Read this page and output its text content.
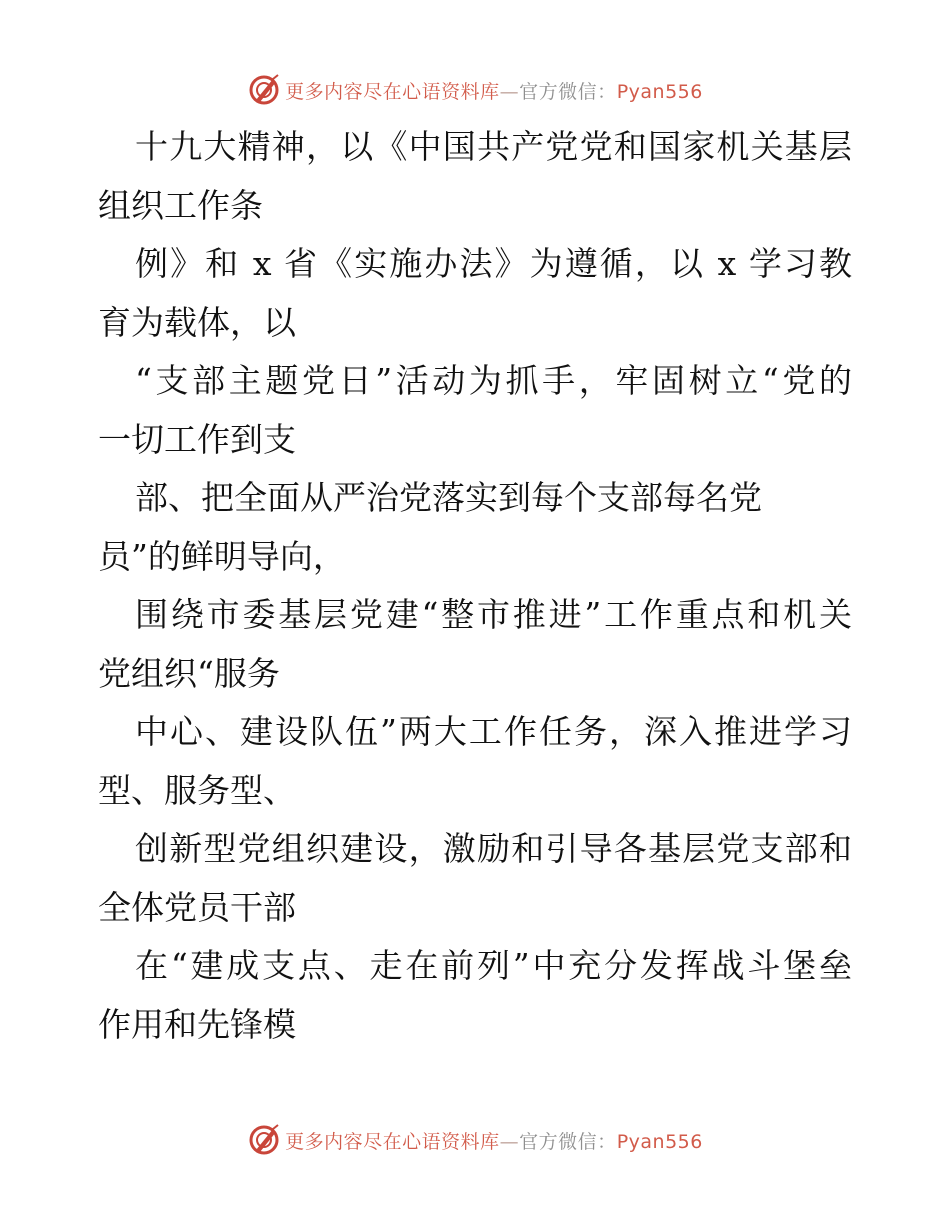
更多内容尽在心语资料库—官方微信：Pyan556
十九大精神，以《中国共产党党和国家机关基层
组织工作条
例》和 x 省《实施办法》为遵循，以 x 学习教
育为载体，以
“支部主题党日”活动为抓手，牢固树立“党的
一切工作到支
部、把全面从严治党落实到每个支部每名党
员”的鲜明导向，
围绕市委基层党建“整市推进”工作重点和机关
党组织“服务
中心、建设队伍”两大工作任务，深入推进学习
型、服务型、
创新型党组织建设，激励和引导各基层党支部和
全体党员干部
在“建成支点、走在前列”中充分发挥战斗堡垒
作用和先锋模
更多内容尽在心语资料库—官方微信：Pyan556
